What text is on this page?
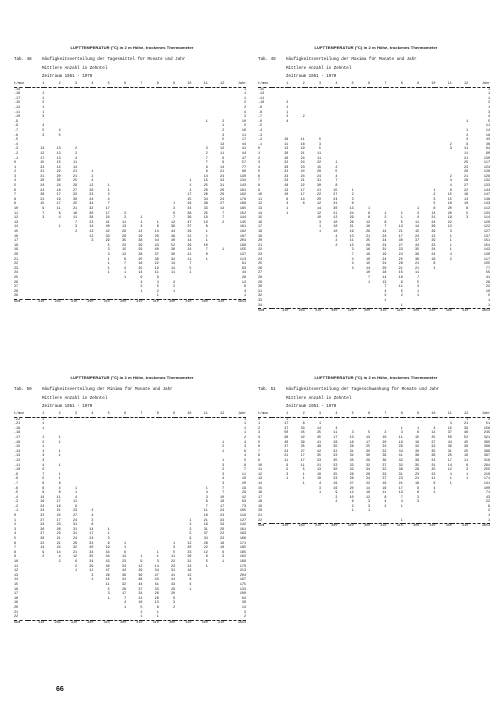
LUFTTEMPERATUR (°C) in 2 m Höhe, trockenes Thermometer
Tab. 48 Häufigkeitsverteilung der Tagesmittel für Monate und Jahr
Mittlere Anzahl in Zehntel
Zeitraum 1951 - 1970
t/mon	1	2	3	4	5	6	7	8	9	10	11	12	Jahr
-19													1
-18	1												1
-17	1												1
-15	2												2
-12	1												2
-11	1												4
-10	3												3
-9											1	2	10
-8	4											1	5
-7	5	4										2	16
-6	3	5										3	11
-5												5	17
-4												13	44
-3	13	13	2								3	12	41
-2	12	13	2								2	11	44
-1	17	13	4								7	9	47
0	15	15	11								7	9	57
1	24	14	14								9	14	77
2	21	22	21	1							9	21	96
3	21	20	21	2							14	24	130
4	20	30	25	4						1	15	34	134
5	24	24	29	12	1					1	25	31	143
6	24	18	27	26	1					2	20	26	181
7	26	17	33	23	2					17	26	29	182
8	21	19	30	24	4					15	34	24	176
9	15	17	25	34	7				1	19	36	27	169
10	9	11	21	32	17				3	24	33	14	165
11	7	6	16	30	17	3			6	36	25	7	152
12	3	4	11	28	24	3	1		7	36	19	7	144
13			7	23	41	11	1	1	12	47	13	2	145
14		1	3	14	40	13	4	6	36	37	6		161
15			2	13	42	29	12	14	44	29	1		192
16				12	33	28	19	20	49	21	1		187
17				3	29	35	38	44	40	14	1		204
18					5	23	39	43	52	29	10		199
19					3	15	29	40	38	24	7	1	155
20					3	13	28	37	30	21	6		137
21					1	6	25	36	32	11	1		113
22					1	7	16	22	14	7			81
23					1	4	15	19	14	5			63
24					1	1	14	11	11	1			44
25						1	9	9					28
26							4	4	3				12
27							2	5	2				8
28							1	2	1				4
29								1					1
Sum	310	283	310	300	310	300	310	310	300	310	300	310	3653
LUFTTEMPERATUR (°C) in 2 m Höhe, trockenes Thermometer
Tab. 49 Häufigkeitsverteilung der Maxima für Monate und Jahr
Mittlere Anzahl in Zehntel
Zeitraum 1951 - 1970
t/mon	1	2	3	4	5	6	7	8	9	10	11	12	Jahr
-15													1
-13													1
-11													1
-10	2												2
-9	1												1
-8	1												3
-7	2	2											4
-6	4											1	5
-5													11
-4												1	14
-3												2	19
-2	16	11	5									3	43
-1	11	16	3								2	9	46
0	12	19	5								3	11	64
1	20	21	11									11	90
2	16	24	11									21	130
3	22	24	22	1								25	117
4	26	23	15	2								23	124
5	22	24	20	5								26	128
6	24	24	24	4							2	21	129
7	24	21	31	7							4	26	132
8	18	22	30	8							4	27	133
9	13	17	21	15	1					1	8	22	144
10	10	17	22	27	2					2	15	16	147
11	8	14	20	24	3					3	15	14	148
12	3	8	12	31	6					5	18	10	143
13	1		14	30	13	1			1	6	20	6	112
14	1		12	21	24	6	1	1	3	14	20	5	133
15			10	12	29	8	2	1	4	21	19	3	114
16			3	10	26	12	6	5	11	24	22		120
17			1	10	21	16	7	13	14	36	13		122
18			1	10	19	29	14	21	15	29	3		127
19				4	13	21	24	17	24	13	1		137
20				2	11	25	24	30	37	29	1		151
21				2	13	26	24	27	44	23	1		154
22					3	16	31	33	35	24	1		143
23					7	10	19	24	36	24	4		130
24					4	10	24	25	36	16	2		117
25					3	15	24	26	21	8			105
26					3	14	20	21	21	2			77
27						10	18	15	11				55
28						7	14	19	7				41
29						1	13	9	5				28
30							7	11	4				22
31							4	5	1				10
32							2	2	1				5
33							1						1
34								1					1
Sum	310	283	310	300	310	300	310	310	300	310	300	310	3653
LUFTTEMPERATUR (°C) in 2 m Höhe, trockenes Thermometer
Tab. 50 Häufigkeitsverteilung der Minima für Monate und Jahr
Mittlere Anzahl in Zehntel
Zeitraum 1951 - 1970
t/mon	1	2	3	4	5	6	7	8	9	10	11	12	Jahr
-22	1												1
-21	1												1
-19	1												1
-18													1
-17	1	1											2
-16	2	1										1	4
-15	1											2	3
-14	4	1										1	6
-13	3	1											4
-12	3											1	5
-11	4	1										3	8
-10	5											2	7
-9	7	1										3	11
-8	5	1										4	10
-7	9	8										3	20
-6	6	4	1								1	7	19
-5	9	8	1								4	7	29
-4	14	11	4								3	10	42
-3	19	17	11								6	10	63
-2	24	16	9								7	17	73
-1	24	21	23	2							11	24	105
0	22	24	27	4							19	23	119
1	27	17	24	3						1	21	34	127
2	24	23	31	8						3	19	34	142
3	26	26	31	14	1					3	31	29	161
4	27	23	31	17	1					5	37	22	163
5	28	21	24	24	3					9	34	23	166
6	22	21	26	33	9	1			1	12	28	18	171
7	14	24	32	40	19	1			3	20	22	10	185
8	9	14	21	34	34	6		1	5	23	12	6	165
9	2	4	12	35	44	14	1	1	11	26	9	3	162
10		2	6	24	43	23	9	3	22	31	5	1	169
11			2	29	40	34	12	14	23	24	1		179
12			1	11	47	44	29	34	31	16			213
13				3	26	39	36	47	41	12			204
14				1	15	41	48	43	41	8			197
15					11	32	44	41	43	4			175
16					5	28	37	33	29	1			133
17					3	17	34	26	20				100
18					1	7	21	26	9				64
19						4	10	13	3				30
20						1	5	6	2				14
21							2	1					3
22							1	1					2
Sum	310	283	310	300	310	300	310	310	300	310	300	310	3653
LUFTTEMPERATUR (°C) in 2 m Höhe, trockenes Thermometer
Tab. 51 Häufigkeitsverteilung der Tagesschwankung für Monate und Jahr
Mittlere Anzahl in Zehntel
Zeitraum 1951 - 1970
t/mon	1	2	3	4	5	6	7	8	9	10	11	12	Jahr
0	1											1	2
1	17	8	1								4	21	51
2	47	34	14	4				1	1	4	15	39	158
3	50	45	25	11	3	5	2	3	6	12	37	46	245
4	38	42	35	17	13	13	10	11	15	25	50	52	321
5	40	39	41	26	18	17	20	19	19	37	44	45	365
6	37	35	48	35	26	25	23	29	34	32	36	38	398
7	24	27	42	32	31	35	32	34	40	35	31	25	388
8	21	17	35	33	34	30	38	41	38	38	25	18	367
9	11	17	23	35	35	29	36	32	39	31	17	11	316
10	9	11	21	33	33	32	37	32	35	31	14	6	294
11	5	5	13	30	32	34	32	36	28	25	12	3	255
12	3	1	10	25	28	28	33	31	23	23	4	1	210
13	1	1	10	23	26	24	27	23	21	11	1	1	171
14		1	4	19	27	22	19	21	18	9	1		141
15			3	16	20	14	16	17	9	4			100
16			1	9	12	18	11	13	6	1			71
17				2	10	12	8	7	3				43
18				2	6	3	4	4	3				22
19					2	3	2	1					8
20					1	1							2
21													1
22								1					1
Sum	310	283	310	300	310	300	310	310	300	310	300	310	3653
66
